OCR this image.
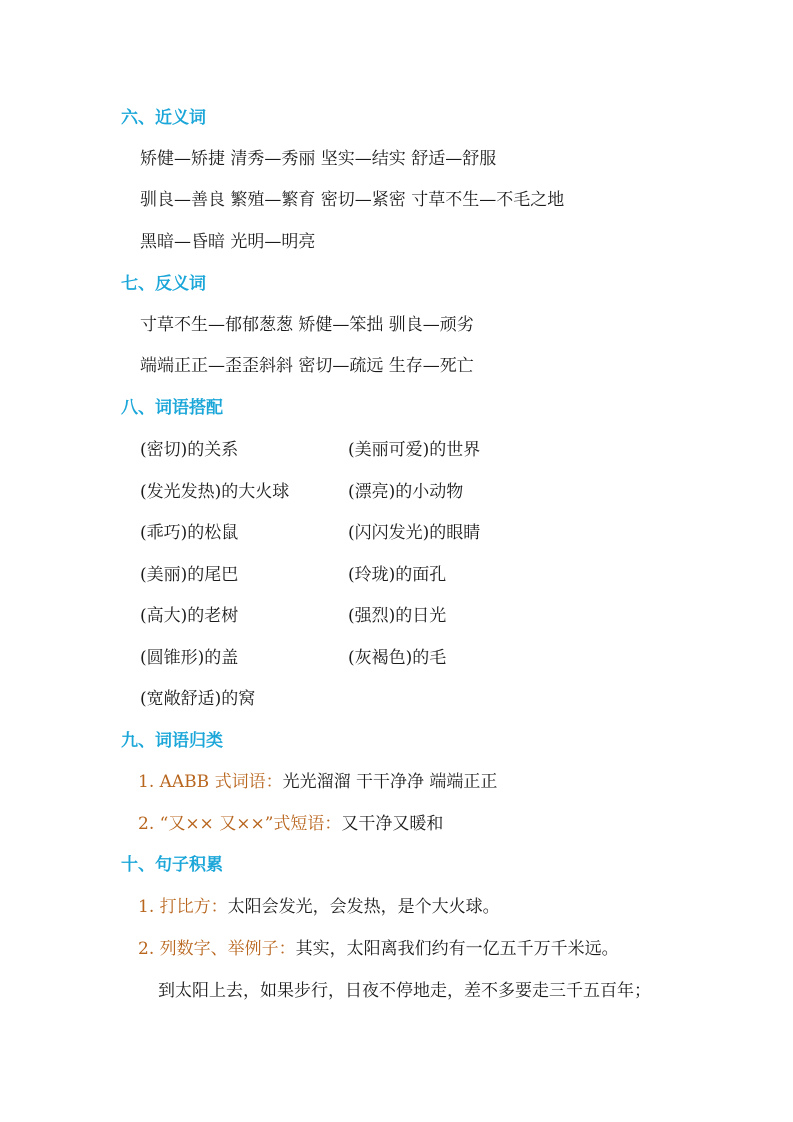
六、近义词
矫健—矫捷 清秀—秀丽 坚实—结实 舒适—舒服
驯良—善良 繁殖—繁育 密切—紧密 寸草不生—不毛之地
黑暗—昏暗 光明—明亮
七、反义词
寸草不生—郁郁葱葱 矫健—笨拙 驯良—顽劣
端端正正—歪歪斜斜 密切—疏远 生存—死亡
八、词语搭配
(密切)的关系	(美丽可爱)的世界
(发光发热)的大火球	(漂亮)的小动物
(乖巧)的松鼠	(闪闪发光)的眼睛
(美丽)的尾巴	(玲珑)的面孔
(高大)的老树	(强烈)的日光
(圆锥形)的盖	(灰褐色)的毛
(宽敞舒适)的窝
九、词语归类
1. AABB 式词语：光光溜溜 干干净净 端端正正
2. “又×× 又××”式短语：又干净又暖和
十、句子积累
1. 打比方：太阳会发光，会发热，是个大火球。
2. 列数字、举例子：其实，太阳离我们约有一亿五千万千米远。
到太阳上去，如果步行，日夜不停地走，差不多要走三千五百年；
